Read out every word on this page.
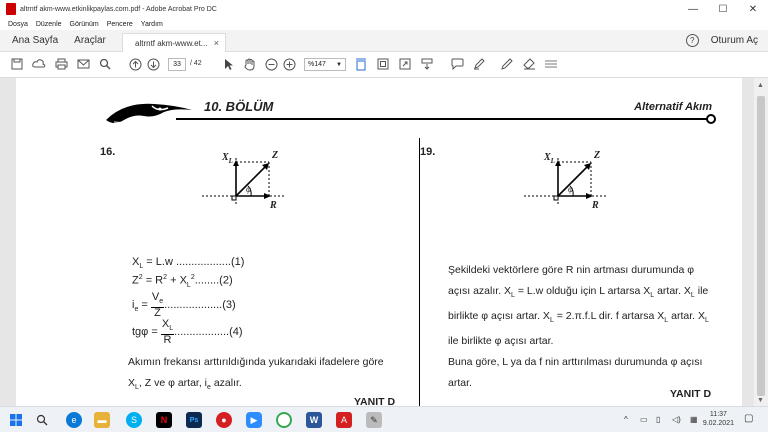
altrntf akm-www.etkinlikpaylas.com.pdf - Adobe Acrobat Pro DC	—	☐	✕
Dosya Düzenle Görünüm Pencere Yardım
Ana Sayfa Araçlar	altrntf akm-www.et... ×	?	Oturum Aç
33	/ 42	%147 ▼
10. BÖLÜM	Alternatif Akım
16.	$X_L$	Z
R
φ
$X_L = L.w$ ..................(1)
$Z^2 = R^2 + X_L^2........(2)$
$i_e = \frac{V_e}{Z} ...................(3)$
$tg\varphi = \frac{X_L}{R} ..................(4)$
Akımın frekansı arttırıldığında yukarıdaki ifadelere göre
$X_L$, Z ve φ artar, $i_e$ azalır.
YANIT D
19.	$X_L$	Z
R
φ
Şekildeki vektörlere göre R nin artması durumunda φ
açısı azalır. $X_L = L.w$ olduğu için L artarsa $X_L$ artar. $X_L$ ile
birlikte φ açısı artar. $X_L = 2.\pi.f.L$ dir. f artarsa $X_L$ artar. $X_L$
ile birlikte φ açısı artar.
Buna göre, L ya da f nin arttırılması durumunda φ açısı
artar.
YANIT D
▲
▼
e	▬	S	N	Ps	●	▶	W	A	✎	^ ▭ ▯ ◁) ▦
11:37
9.02.2021 ▢
